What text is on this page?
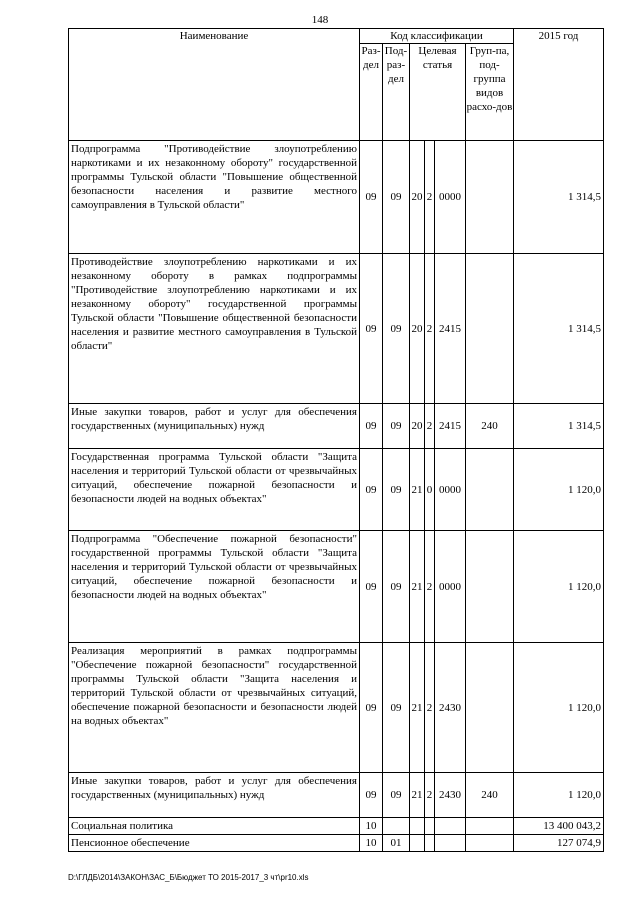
148
Наименование	Код классификации						2015 год
	Раз-дел	Под-раз-дел	Целевая статья			Груп-па, под-группа видов расхо-дов	
Подпрограмма "Противодействие злоупотреблению наркотиками и их незаконному обороту" государственной программы Тульской области "Повышение общественной безопасности населения и развитие местного самоуправления в Тульской области"	09	09	20	2	0000		1 314,5
Противодействие злоупотреблению наркотиками и их незаконному обороту в рамках подпрограммы "Противодействие злоупотреблению наркотиками и их незаконному обороту" государственной программы Тульской области "Повышение общественной безопасности населения и развитие местного самоуправления в Тульской области"	09	09	20	2	2415		1 314,5
Иные закупки товаров, работ и услуг для обеспечения государственных (муниципальных) нужд	09	09	20	2	2415	240	1 314,5
Государственная программа Тульской области "Защита населения и территорий Тульской области от чрезвычайных ситуаций, обеспечение пожарной безопасности и безопасности людей на водных объектах"	09	09	21	0	0000		1 120,0
Подпрограмма "Обеспечение пожарной безопасности" государственной программы Тульской области "Защита населения и территорий Тульской области от чрезвычайных ситуаций, обеспечение пожарной безопасности и безопасности людей на водных объектах"	09	09	21	2	0000		1 120,0
Реализация мероприятий в рамках подпрограммы "Обеспечение пожарной безопасности" государственной программы Тульской области "Защита населения и территорий Тульской области от чрезвычайных ситуаций, обеспечение пожарной безопасности и безопасности людей на водных объектах"	09	09	21	2	2430		1 120,0
Иные закупки товаров, работ и услуг для обеспечения государственных (муниципальных) нужд	09	09	21	2	2430	240	1 120,0
Социальная политика	10						13 400 043,2
Пенсионное обеспечение	10	01					127 074,9
D:\ГЛДБ\2014\ЗАКОН\ЗАС_Б\Бюджет ТО 2015-2017_3 чт\pr10.xls
